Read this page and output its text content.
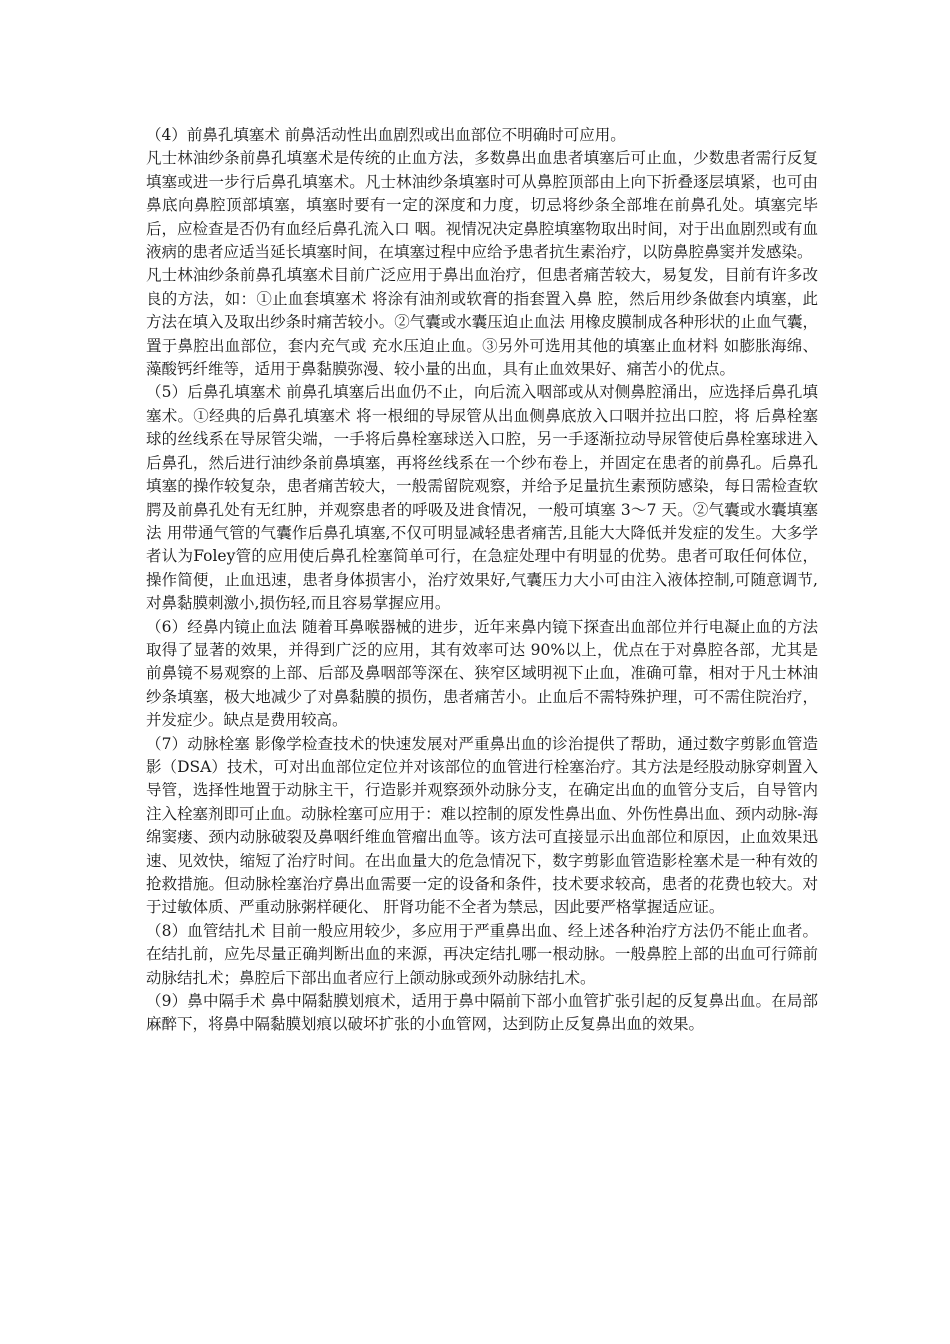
（4）前鼻孔填塞术 前鼻活动性出血剧烈或出血部位不明确时可应用。

凡士林油纱条前鼻孔填塞术是传统的止血方法，多数鼻出血患者填塞后可止血，少数患者需行反复填塞或进一步行后鼻孔填塞术。凡士林油纱条填塞时可从鼻腔顶部由上向下折叠逐层填紧，也可由鼻底向鼻腔顶部填塞，填塞时要有一定的深度和力度，切忌将纱条全部堆在前鼻孔处。填塞完毕后，应检查是否仍有血经后鼻孔流入口 咽。视情况决定鼻腔填塞物取出时间，对于出血剧烈或有血液病的患者应适当延长填塞时间，在填塞过程中应给予患者抗生素治疗，以防鼻腔鼻窦并发感染。

凡士林油纱条前鼻孔填塞术目前广泛应用于鼻出血治疗，但患者痛苦较大，易复发，目前有许多改良的方法，如：①止血套填塞术 将涂有油剂或软膏的指套置入鼻 腔，然后用纱条做套内填塞，此方法在填入及取出纱条时痛苦较小。②气囊或水囊压迫止血法 用橡皮膜制成各种形状的止血气囊，置于鼻腔出血部位，套内充气或 充水压迫止血。③另外可选用其他的填塞止血材料 如膨胀海绵、藻酸钙纤维等，适用于鼻黏膜弥漫、较小量的出血，具有止血效果好、痛苦小的优点。

（5）后鼻孔填塞术 前鼻孔填塞后出血仍不止，向后流入咽部或从对侧鼻腔涌出，应选择后鼻孔填塞术。①经典的后鼻孔填塞术 将一根细的导尿管从出血侧鼻底放入口咽并拉出口腔，将 后鼻栓塞球的丝线系在导尿管尖端，一手将后鼻栓塞球送入口腔，另一手逐渐拉动导尿管使后鼻栓塞球进入后鼻孔，然后进行油纱条前鼻填塞，再将丝线系在一个纱布卷上，并固定在患者的前鼻孔。后鼻孔填塞的操作较复杂，患者痛苦较大，一般需留院观察，并给予足量抗生素预防感染，每日需检查软腭及前鼻孔处有无红肿，并观察患者的呼吸及进食情况，一般可填塞 3～7 天。②气囊或水囊填塞法 用带通气管的气囊作后鼻孔填塞,不仅可明显减轻患者痛苦,且能大大降低并发症的发生。大多学者认为Foley管的应用使后鼻孔栓塞简单可行，在急症处理中有明显的优势。患者可取任何体位，操作简便，止血迅速，患者身体损害小，治疗效果好,气囊压力大小可由注入液体控制,可随意调节,对鼻黏膜刺激小,损伤轻,而且容易掌握应用。

（6）经鼻内镜止血法 随着耳鼻喉器械的进步，近年来鼻内镜下探查出血部位并行电凝止血的方法取得了显著的效果，并得到广泛的应用，其有效率可达 90%以上，优点在于对鼻腔各部，尤其是前鼻镜不易观察的上部、后部及鼻咽部等深在、狭窄区域明视下止血，准确可靠，相对于凡士林油纱条填塞，极大地减少了对鼻黏膜的损伤，患者痛苦小。止血后不需特殊护理，可不需住院治疗，并发症少。缺点是费用较高。

（7）动脉栓塞 影像学检查技术的快速发展对严重鼻出血的诊治提供了帮助，通过数字剪影血管造影（DSA）技术，可对出血部位定位并对该部位的血管进行栓塞治疗。其方法是经股动脉穿刺置入导管，选择性地置于动脉主干，行造影并观察颈外动脉分支，在确定出血的血管分支后，自导管内注入栓塞剂即可止血。动脉栓塞可应用于：难以控制的原发性鼻出血、外伤性鼻出血、颈内动脉-海 绵窦瘘、颈内动脉破裂及鼻咽纤维血管瘤出血等。该方法可直接显示出血部位和原因，止血效果迅速、见效快，缩短了治疗时间。在出血量大的危急情况下，数字剪影血管造影栓塞术是一种有效的抢救措施。但动脉栓塞治疗鼻出血需要一定的设备和条件，技术要求较高，患者的花费也较大。对于过敏体质、严重动脉粥样硬化、 肝肾功能不全者为禁忌，因此要严格掌握适应证。

（8）血管结扎术 目前一般应用较少，多应用于严重鼻出血、经上述各种治疗方法仍不能止血者。在结扎前，应先尽量正确判断出血的来源，再决定结扎哪一根动脉。一般鼻腔上部的出血可行筛前动脉结扎术；鼻腔后下部出血者应行上颌动脉或颈外动脉结扎术。

（9）鼻中隔手术 鼻中隔黏膜划痕术，适用于鼻中隔前下部小血管扩张引起的反复鼻出血。在局部麻醉下，将鼻中隔黏膜划痕以破坏扩张的小血管网，达到防止反复鼻出血的效果。
